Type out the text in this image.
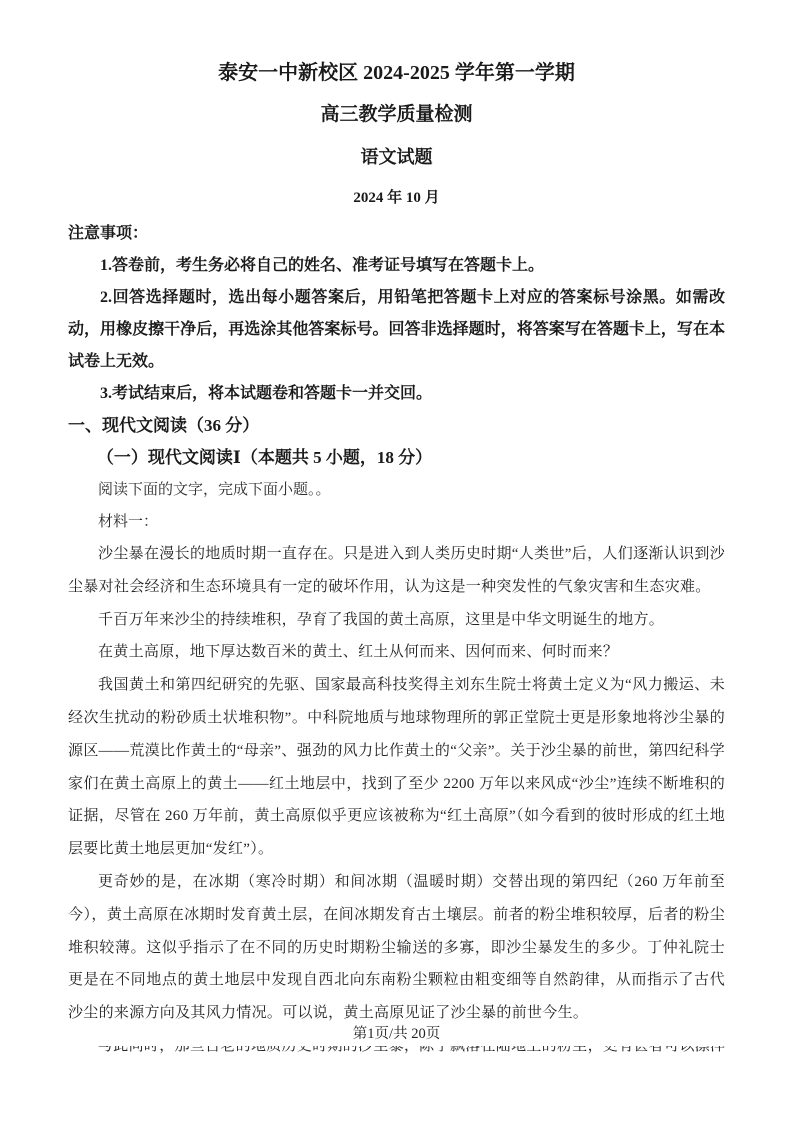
泰安一中新校区 2024-2025 学年第一学期

高三教学质量检测

语文试题

2024 年 10 月

注意事项：

1.答卷前，考生务必将自己的姓名、准考证号填写在答题卡上。

2.回答选择题时，选出每小题答案后，用铅笔把答题卡上对应的答案标号涂黑。如需改动，用橡皮擦干净后，再选涂其他答案标号。回答非选择题时，将答案写在答题卡上，写在本试卷上无效。

3.考试结束后，将本试题卷和答题卡一并交回。

一、现代文阅读（36 分）

（一）现代文阅读Ⅰ（本题共 5 小题，18 分）

阅读下面的文字，完成下面小题。。

材料一：

沙尘暴在漫长的地质时期一直存在。只是进入到人类历史时期“人类世”后，人们逐渐认识到沙尘暴对社会经济和生态环境具有一定的破坏作用，认为这是一种突发性的气象灾害和生态灾难。

千百万年来沙尘的持续堆积，孕育了我国的黄土高原，这里是中华文明诞生的地方。

在黄土高原，地下厚达数百米的黄土、红土从何而来、因何而来、何时而来？

我国黄土和第四纪研究的先驱、国家最高科技奖得主刘东生院士将黄土定义为“风力搬运、未经次生扰动的粉砂质土状堆积物”。中科院地质与地球物理所的郭正堂院士更是形象地将沙尘暴的源区——荒漠比作黄土的“母亲”、强劲的风力比作黄土的“父亲”。关于沙尘暴的前世，第四纪科学家们在黄土高原上的黄土——红土地层中，找到了至少 2200 万年以来风成“沙尘”连续不断堆积的证据，尽管在 260 万年前，黄土高原似乎更应该被称为“红土高原”（如今看到的彼时形成的红土地层要比黄土地层更加“发红”）。

更奇妙的是，在冰期（寒冷时期）和间冰期（温暖时期）交替出现的第四纪（260 万年前至今），黄土高原在冰期时发育黄土层，在间冰期发育古土壤层。前者的粉尘堆积较厚，后者的粉尘堆积较薄。这似乎指示了在不同的历史时期粉尘输送的多寡，即沙尘暴发生的多少。丁仲礼院士更是在不同地点的黄土地层中发现自西北向东南粉尘颗粒由粗变细等自然韵律，从而指示了古代沙尘的来源方向及其风力情况。可以说，黄土高原见证了沙尘暴的前世今生。

第1页/共 20页
